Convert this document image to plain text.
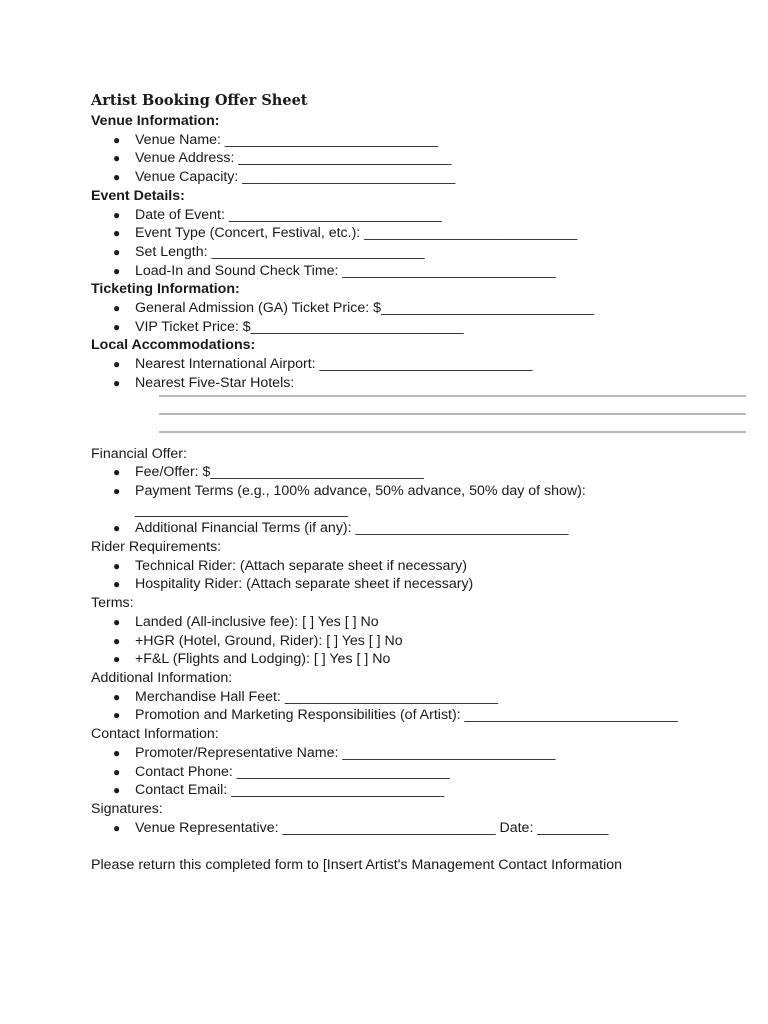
Artist Booking Offer Sheet
Venue Information:
● Venue Name: ___________________________
● Venue Address: ___________________________
● Venue Capacity: ___________________________
Event Details:
● Date of Event: ___________________________
● Event Type (Concert, Festival, etc.): ___________________________
● Set Length: ___________________________
● Load-In and Sound Check Time: ___________________________
Ticketing Information:
● General Admission (GA) Ticket Price: $___________________________
● VIP Ticket Price: $___________________________
Local Accommodations:
● Nearest International Airport: ___________________________
● Nearest Five-Star Hotels:
Financial Offer:
● Fee/Offer: $___________________________
● Payment Terms (e.g., 100% advance, 50% advance, 50% day of show):
___________________________
● Additional Financial Terms (if any): ___________________________
Rider Requirements:
● Technical Rider: (Attach separate sheet if necessary)
● Hospitality Rider: (Attach separate sheet if necessary)
Terms:
● Landed (All-inclusive fee): [ ] Yes [ ] No
● +HGR (Hotel, Ground, Rider): [ ] Yes [ ] No
● +F&L (Flights and Lodging): [ ] Yes [ ] No
Additional Information:
● Merchandise Hall Feet: ___________________________
● Promotion and Marketing Responsibilities (of Artist): ___________________________
Contact Information:
● Promoter/Representative Name: ___________________________
● Contact Phone: ___________________________
● Contact Email: ___________________________
Signatures:
● Venue Representative: ___________________________ Date: _________
Please return this completed form to [Insert Artist's Management Contact Information
